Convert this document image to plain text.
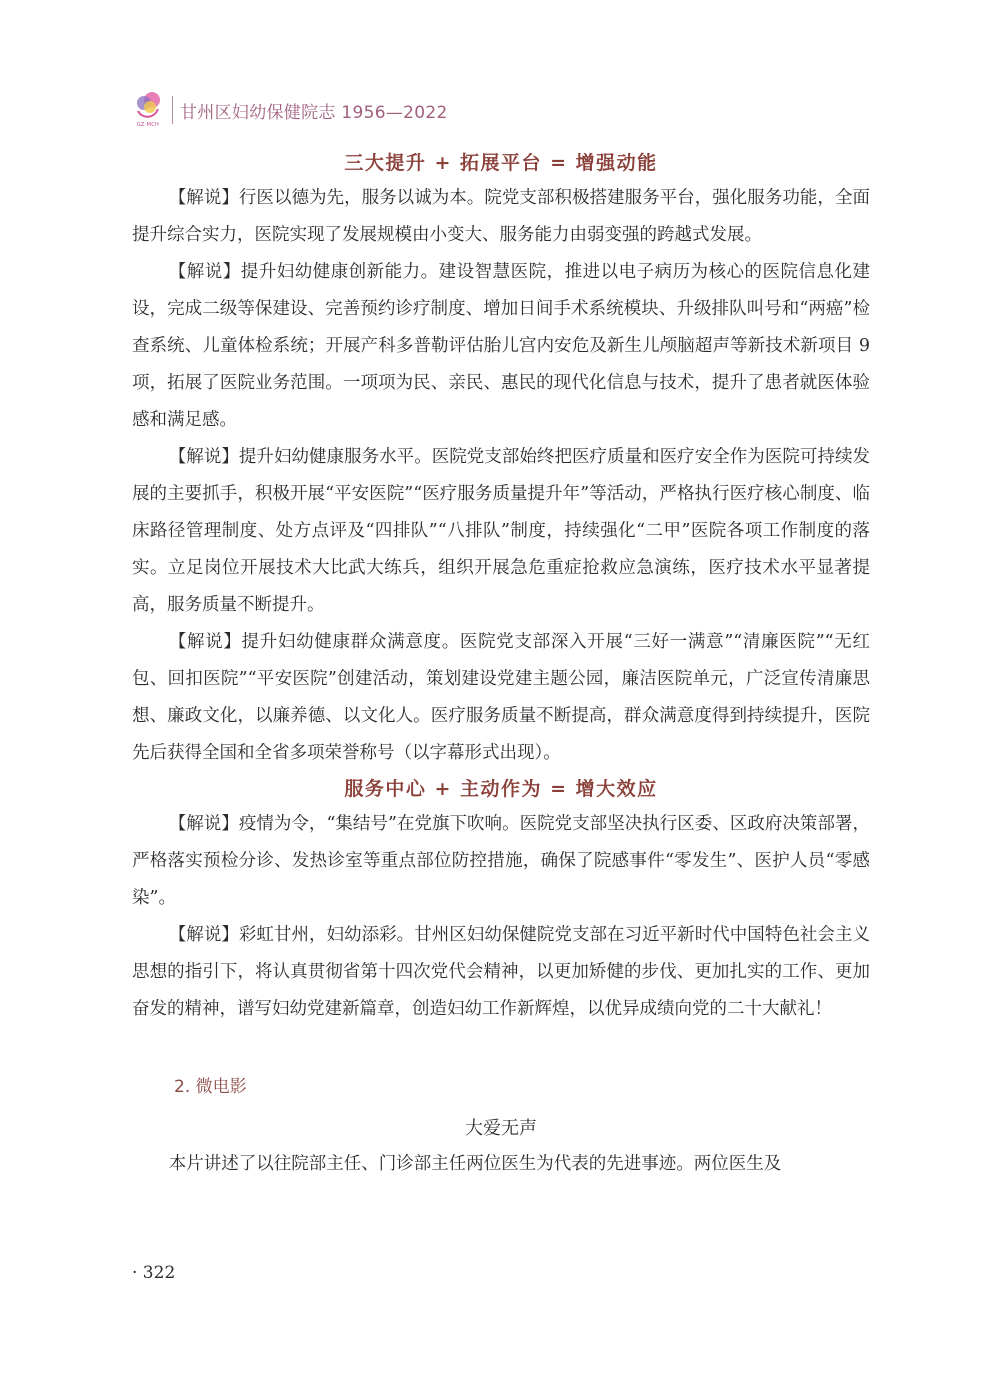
GZ·MCH
甘州区妇幼保健院志 1956—2022
三大提升 + 拓展平台 = 增强动能

【解说】行医以德为先，服务以诚为本。院党支部积极搭建服务平台，强化服务功能，全面提升综合实力，医院实现了发展规模由小变大、服务能力由弱变强的跨越式发展。

【解说】提升妇幼健康创新能力。建设智慧医院，推进以电子病历为核心的医院信息化建设，完成二级等保建设、完善预约诊疗制度、增加日间手术系统模块、升级排队叫号和“两癌”检查系统、儿童体检系统；开展产科多普勒评估胎儿宫内安危及新生儿颅脑超声等新技术新项目 9 项，拓展了医院业务范围。一项项为民、亲民、惠民的现代化信息与技术，提升了患者就医体验感和满足感。

【解说】提升妇幼健康服务水平。医院党支部始终把医疗质量和医疗安全作为医院可持续发展的主要抓手，积极开展“平安医院”“医疗服务质量提升年”等活动，严格执行医疗核心制度、临床路径管理制度、处方点评及“四排队”“八排队”制度，持续强化“二甲”医院各项工作制度的落实。立足岗位开展技术大比武大练兵，组织开展急危重症抢救应急演练，医疗技术水平显著提高，服务质量不断提升。

【解说】提升妇幼健康群众满意度。医院党支部深入开展“三好一满意”“清廉医院”“无红包、回扣医院”“平安医院”创建活动，策划建设党建主题公园，廉洁医院单元，广泛宣传清廉思想、廉政文化，以廉养德、以文化人。医疗服务质量不断提高，群众满意度得到持续提升，医院先后获得全国和全省多项荣誉称号（以字幕形式出现）。

服务中心 + 主动作为 = 增大效应

【解说】疫情为令，“集结号”在党旗下吹响。医院党支部坚决执行区委、区政府决策部署，严格落实预检分诊、发热诊室等重点部位防控措施，确保了院感事件“零发生”、医护人员“零感染”。

【解说】彩虹甘州，妇幼添彩。甘州区妇幼保健院党支部在习近平新时代中国特色社会主义思想的指引下，将认真贯彻省第十四次党代会精神，以更加矫健的步伐、更加扎实的工作、更加奋发的精神，谱写妇幼党建新篇章，创造妇幼工作新辉煌，以优异成绩向党的二十大献礼！

2. 微电影
大爱无声

本片讲述了以往院部主任、门诊部主任两位医生为代表的先进事迹。两位医生及

· 322
